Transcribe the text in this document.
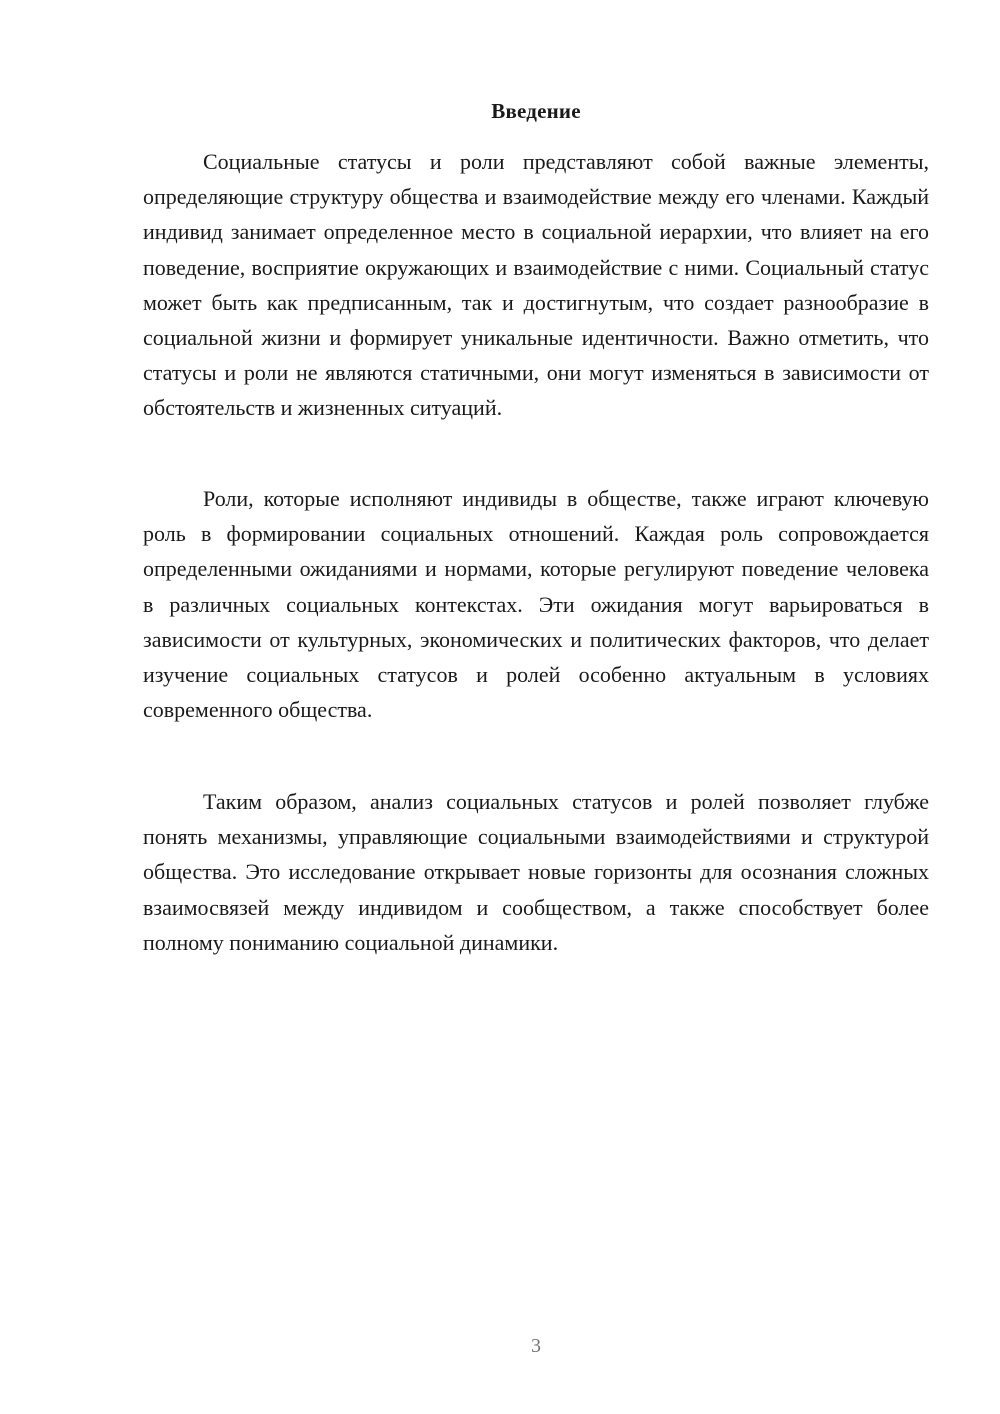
Введение

Социальные статусы и роли представляют собой важные элементы, определяющие структуру общества и взаимодействие между его членами. Каждый индивид занимает определенное место в социальной иерархии, что влияет на его поведение, восприятие окружающих и взаимодействие с ними. Социальный статус может быть как предписанным, так и достигнутым, что создает разнообразие в социальной жизни и формирует уникальные идентичности. Важно отметить, что статусы и роли не являются статичными, они могут изменяться в зависимости от обстоятельств и жизненных ситуаций.

Роли, которые исполняют индивиды в обществе, также играют ключевую роль в формировании социальных отношений. Каждая роль сопровождается определенными ожиданиями и нормами, которые регулируют поведение человека в различных социальных контекстах. Эти ожидания могут варьироваться в зависимости от культурных, экономических и политических факторов, что делает изучение социальных статусов и ролей особенно актуальным в условиях современного общества.

Таким образом, анализ социальных статусов и ролей позволяет глубже понять механизмы, управляющие социальными взаимодействиями и структурой общества. Это исследование открывает новые горизонты для осознания сложных взаимосвязей между индивидом и сообществом, а также способствует более полному пониманию социальной динамики.

3
